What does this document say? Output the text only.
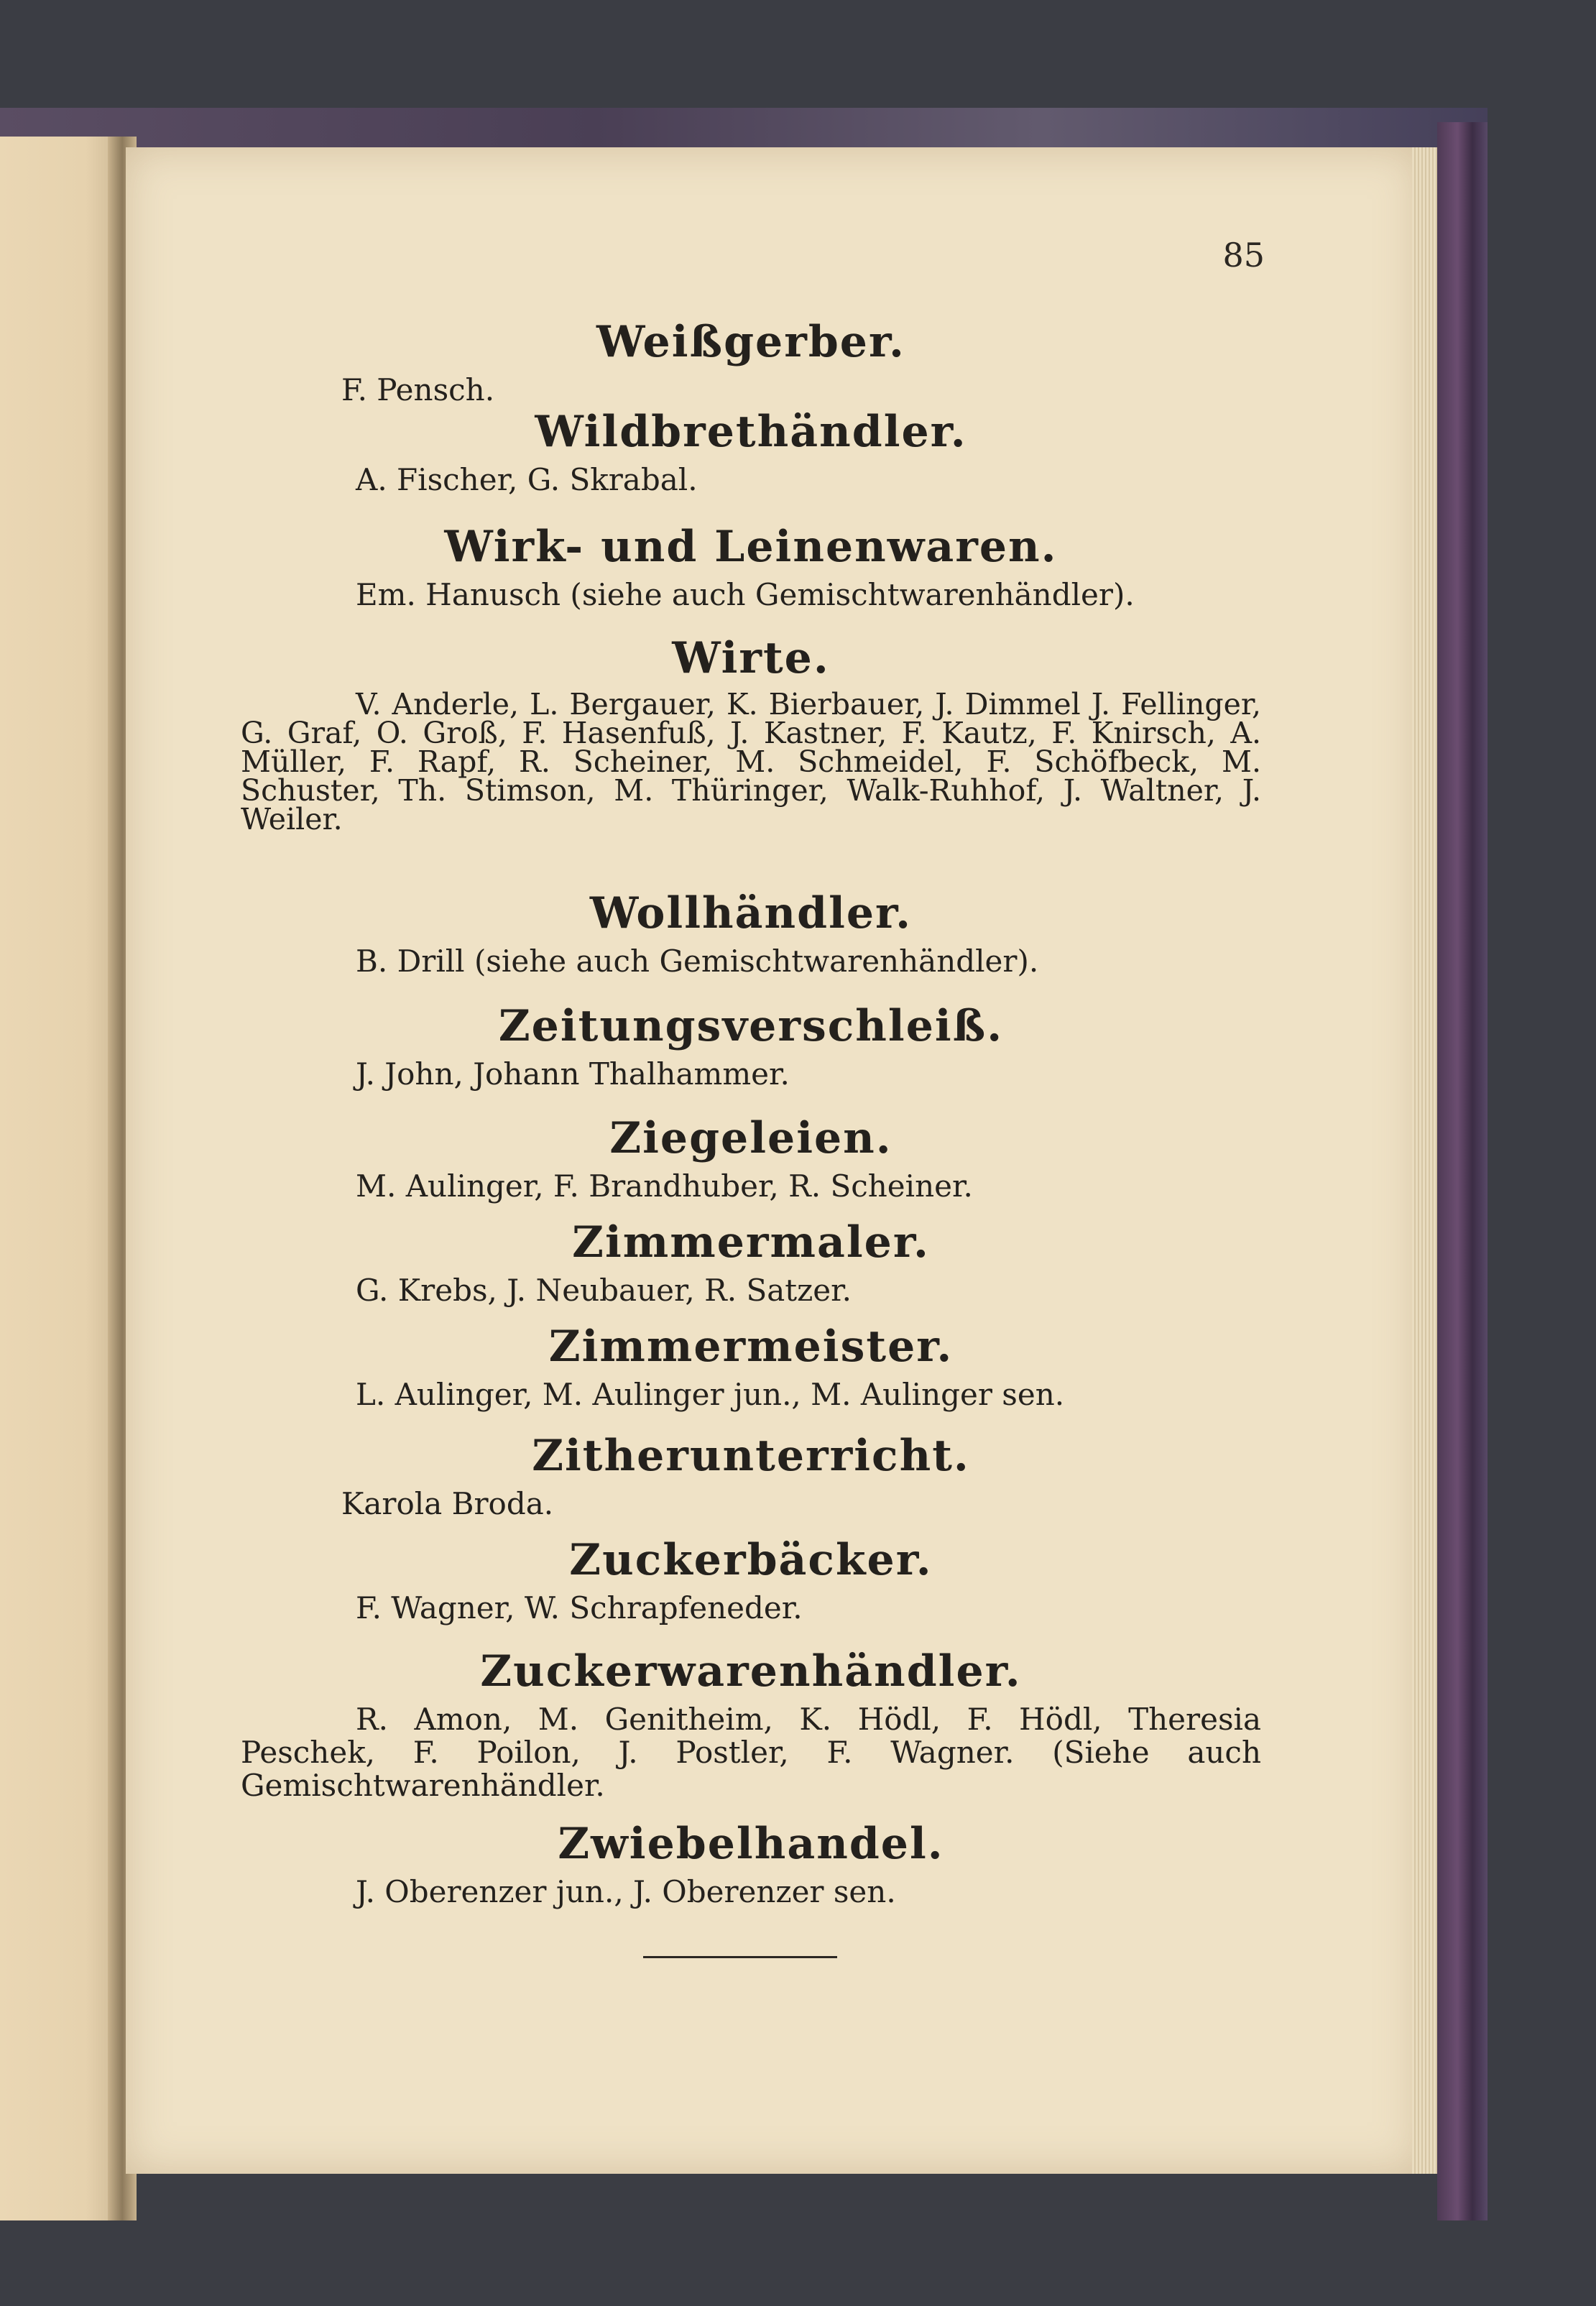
85
Weißgerber.
F. Pensch.
Wildbrethändler.
A. Fischer, G. Skrabal.
Wirk- und Leinenwaren.
Em. Hanusch (siehe auch Gemischtwarenhändler).
Wirte.
V. Anderle, L. Bergauer, K. Bierbauer, J. Dimmel J. Fellinger, G. Graf, O. Groß, F. Hasenfuß, J. Kastner, F. Kautz, F. Knirsch, A. Müller, F. Rapf, R. Scheiner, M. Schmeidel, F. Schöfbeck, M. Schuster, Th. Stimson, M. Thüringer, Walk-Ruhhof, J. Waltner, J. Weiler.
Wollhändler.
B. Drill (siehe auch Gemischtwarenhändler).
Zeitungsverschleiß.
J. John, Johann Thalhammer.
Ziegeleien.
M. Aulinger, F. Brandhuber, R. Scheiner.
Zimmermaler.
G. Krebs, J. Neubauer, R. Satzer.
Zimmermeister.
L. Aulinger, M. Aulinger jun., M. Aulinger sen.
Zitherunterricht.
Karola Broda.
Zuckerbäcker.
F. Wagner, W. Schrapfeneder.
Zuckerwarenhändler.
R. Amon, M. Genitheim, K. Hödl, F. Hödl, Theresia Peschek, F. Poilon, J. Postler, F. Wagner. (Siehe auch Gemischtwarenhändler.
Zwiebelhandel.
J. Oberenzer jun., J. Oberenzer sen.
